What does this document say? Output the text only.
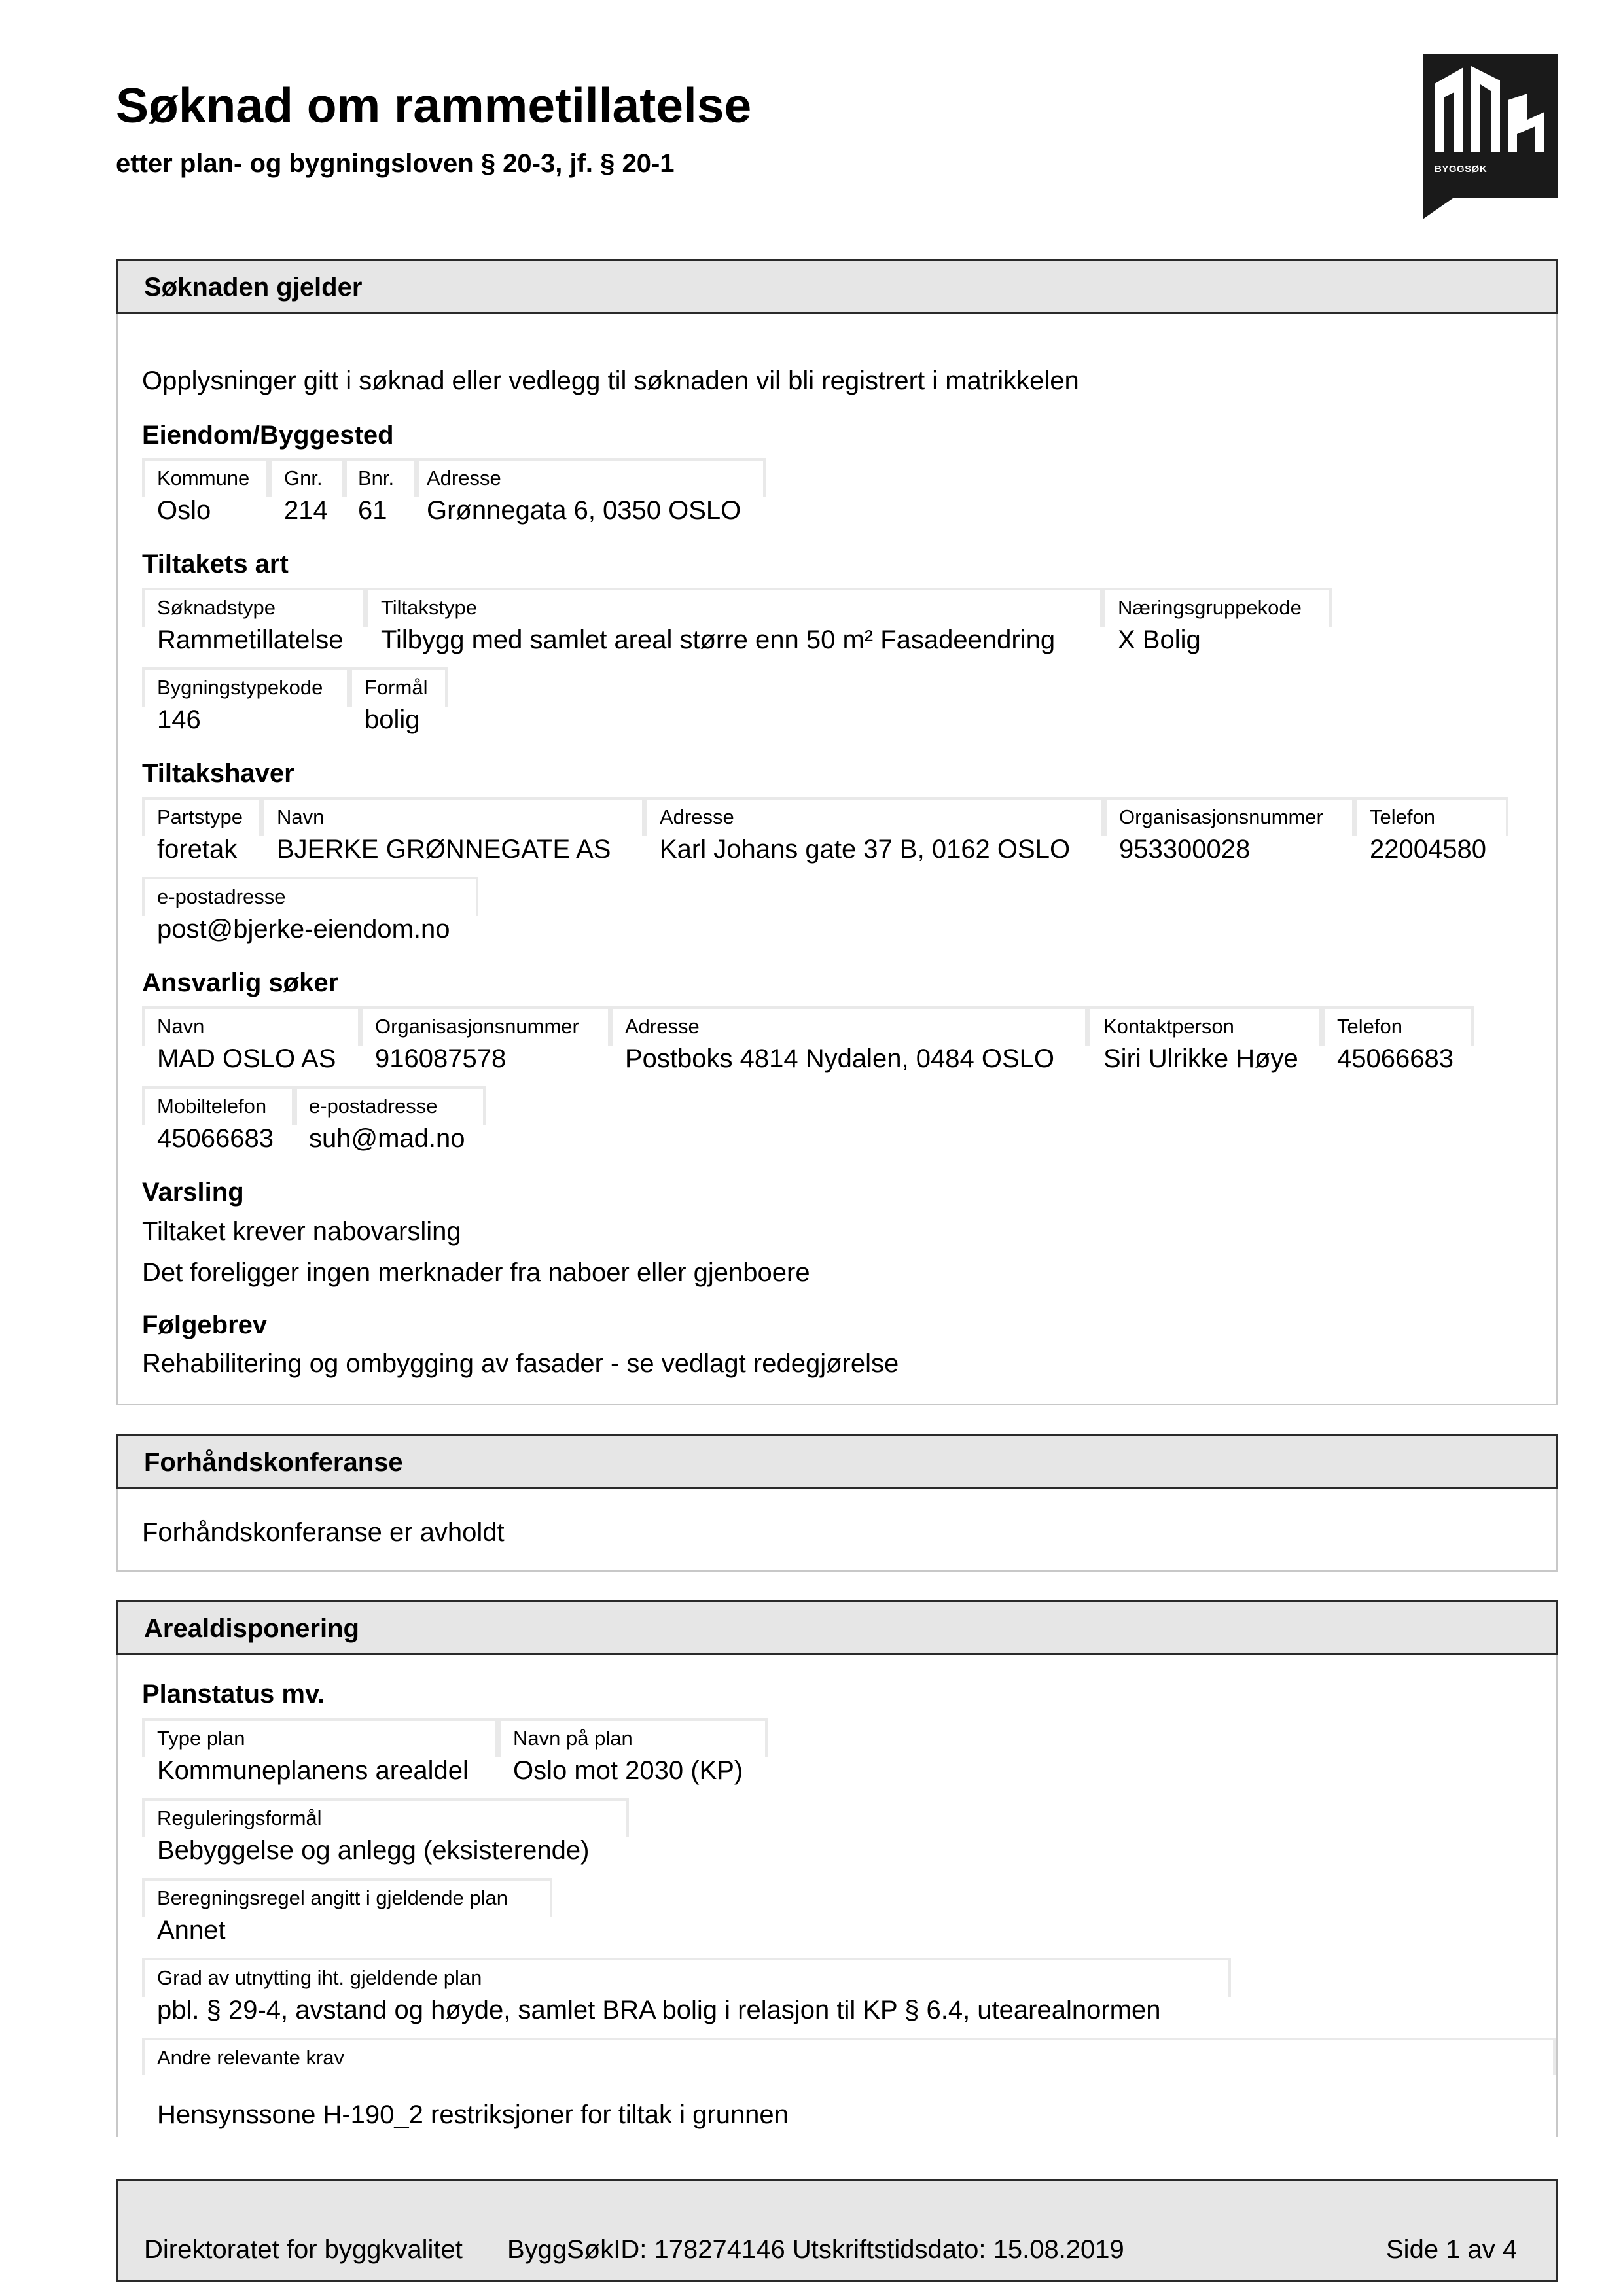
Søknad om rammetillatelse
etter plan- og bygningsloven § 20-3, jf. § 20-1	BYGGSØK
Søknaden gjelder
Opplysninger gitt i søknad eller vedlegg til søknaden vil bli registrert i matrikkelen
Eiendom/Byggested
Kommune
Oslo
Gnr.
214
Bnr.
61
Adresse
Grønnegata 6, 0350 OSLO
Tiltakets art
Søknadstype
Rammetillatelse
Tiltakstype
Tilbygg med samlet areal større enn 50 m² Fasadeendring
Næringsgruppekode
X Bolig
Bygningstypekode
146
Formål
bolig
Tiltakshaver
Partstype
foretak
Navn
BJERKE GRØNNEGATE AS
Adresse
Karl Johans gate 37 B, 0162 OSLO
Organisasjonsnummer
953300028
Telefon
22004580
e-postadresse
post@bjerke-eiendom.no
Ansvarlig søker
Navn
MAD OSLO AS
Organisasjonsnummer
916087578
Adresse
Postboks 4814 Nydalen, 0484 OSLO
Kontaktperson
Siri Ulrikke Høye
Telefon
45066683
Mobiltelefon
45066683
e-postadresse
suh@mad.no
Varsling
Tiltaket krever nabovarsling
Det foreligger ingen merknader fra naboer eller gjenboere
Følgebrev
Rehabilitering og ombygging av fasader - se vedlagt redegjørelse
Forhåndskonferanse
Forhåndskonferanse er avholdt
Arealdisponering
Planstatus mv.
Type plan
Kommuneplanens arealdel
Navn på plan
Oslo mot 2030 (KP)
Reguleringsformål
Bebyggelse og anlegg (eksisterende)
Beregningsregel angitt i gjeldende plan
Annet
Grad av utnytting iht. gjeldende plan
pbl. § 29-4, avstand og høyde, samlet BRA bolig i relasjon til KP § 6.4, utearealnormen
Andre relevante krav
Hensynssone H-190_2 restriksjoner for tiltak i grunnen
Direktoratet for byggkvalitet ByggSøkID: 178274146 Utskriftstidsdato: 15.08.2019	Side 1 av 4
